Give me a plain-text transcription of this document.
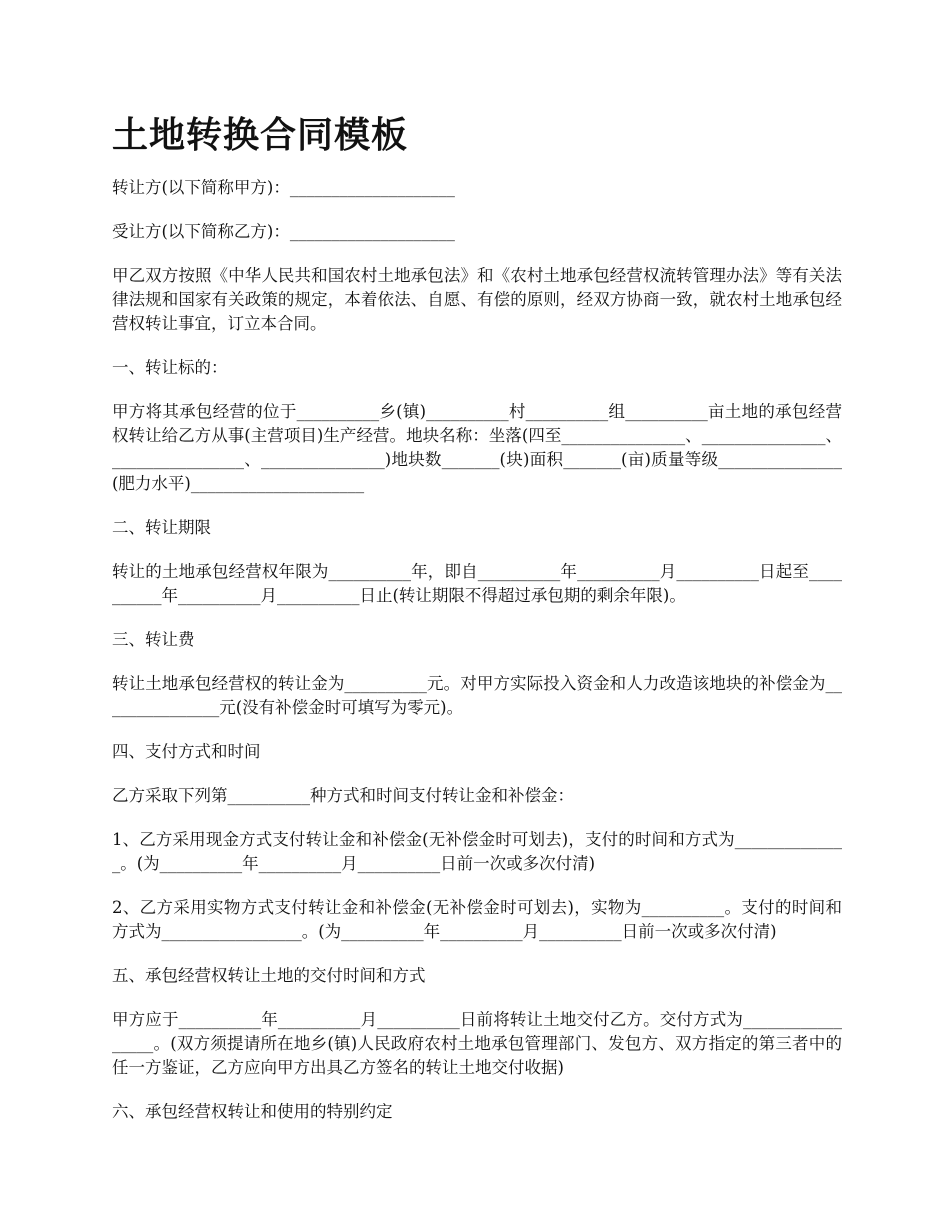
土地转换合同模板

转让方(以下简称甲方)：____________________

受让方(以下简称乙方)：____________________

甲乙双方按照《中华人民共和国农村土地承包法》和《农村土地承包经营权流转管理办法》等有关法律法规和国家有关政策的规定，本着依法、自愿、有偿的原则，经双方协商一致，就农村土地承包经营权转让事宜，订立本合同。

一、转让标的：

甲方将其承包经营的位于__________乡(镇)__________村__________组__________亩土地的承包经营权转让给乙方从事(主营项目)生产经营。地块名称：坐落(四至_______________、_______________、________________、_______________)地块数_______(块)面积_______(亩)质量等级_______________(肥力水平)_____________________

二、转让期限

转让的土地承包经营权年限为__________年，即自__________年__________月__________日起至__________年__________月__________日止(转让期限不得超过承包期的剩余年限)。

三、转让费

转让土地承包经营权的转让金为__________元。对甲方实际投入资金和人力改造该地块的补偿金为_______________元(没有补偿金时可填写为零元)。

四、支付方式和时间

乙方采取下列第__________种方式和时间支付转让金和补偿金：

1、乙方采用现金方式支付转让金和补偿金(无补偿金时可划去)，支付的时间和方式为______________。(为__________年__________月__________日前一次或多次付清)

2、乙方采用实物方式支付转让金和补偿金(无补偿金时可划去)，实物为__________。支付的时间和方式为_________________。(为__________年__________月__________日前一次或多次付清)

五、承包经营权转让土地的交付时间和方式

甲方应于__________年__________月__________日前将转让土地交付乙方。交付方式为_________________。(双方须提请所在地乡(镇)人民政府农村土地承包管理部门、发包方、双方指定的第三者中的任一方鉴证，乙方应向甲方出具乙方签名的转让土地交付收据)

六、承包经营权转让和使用的特别约定
